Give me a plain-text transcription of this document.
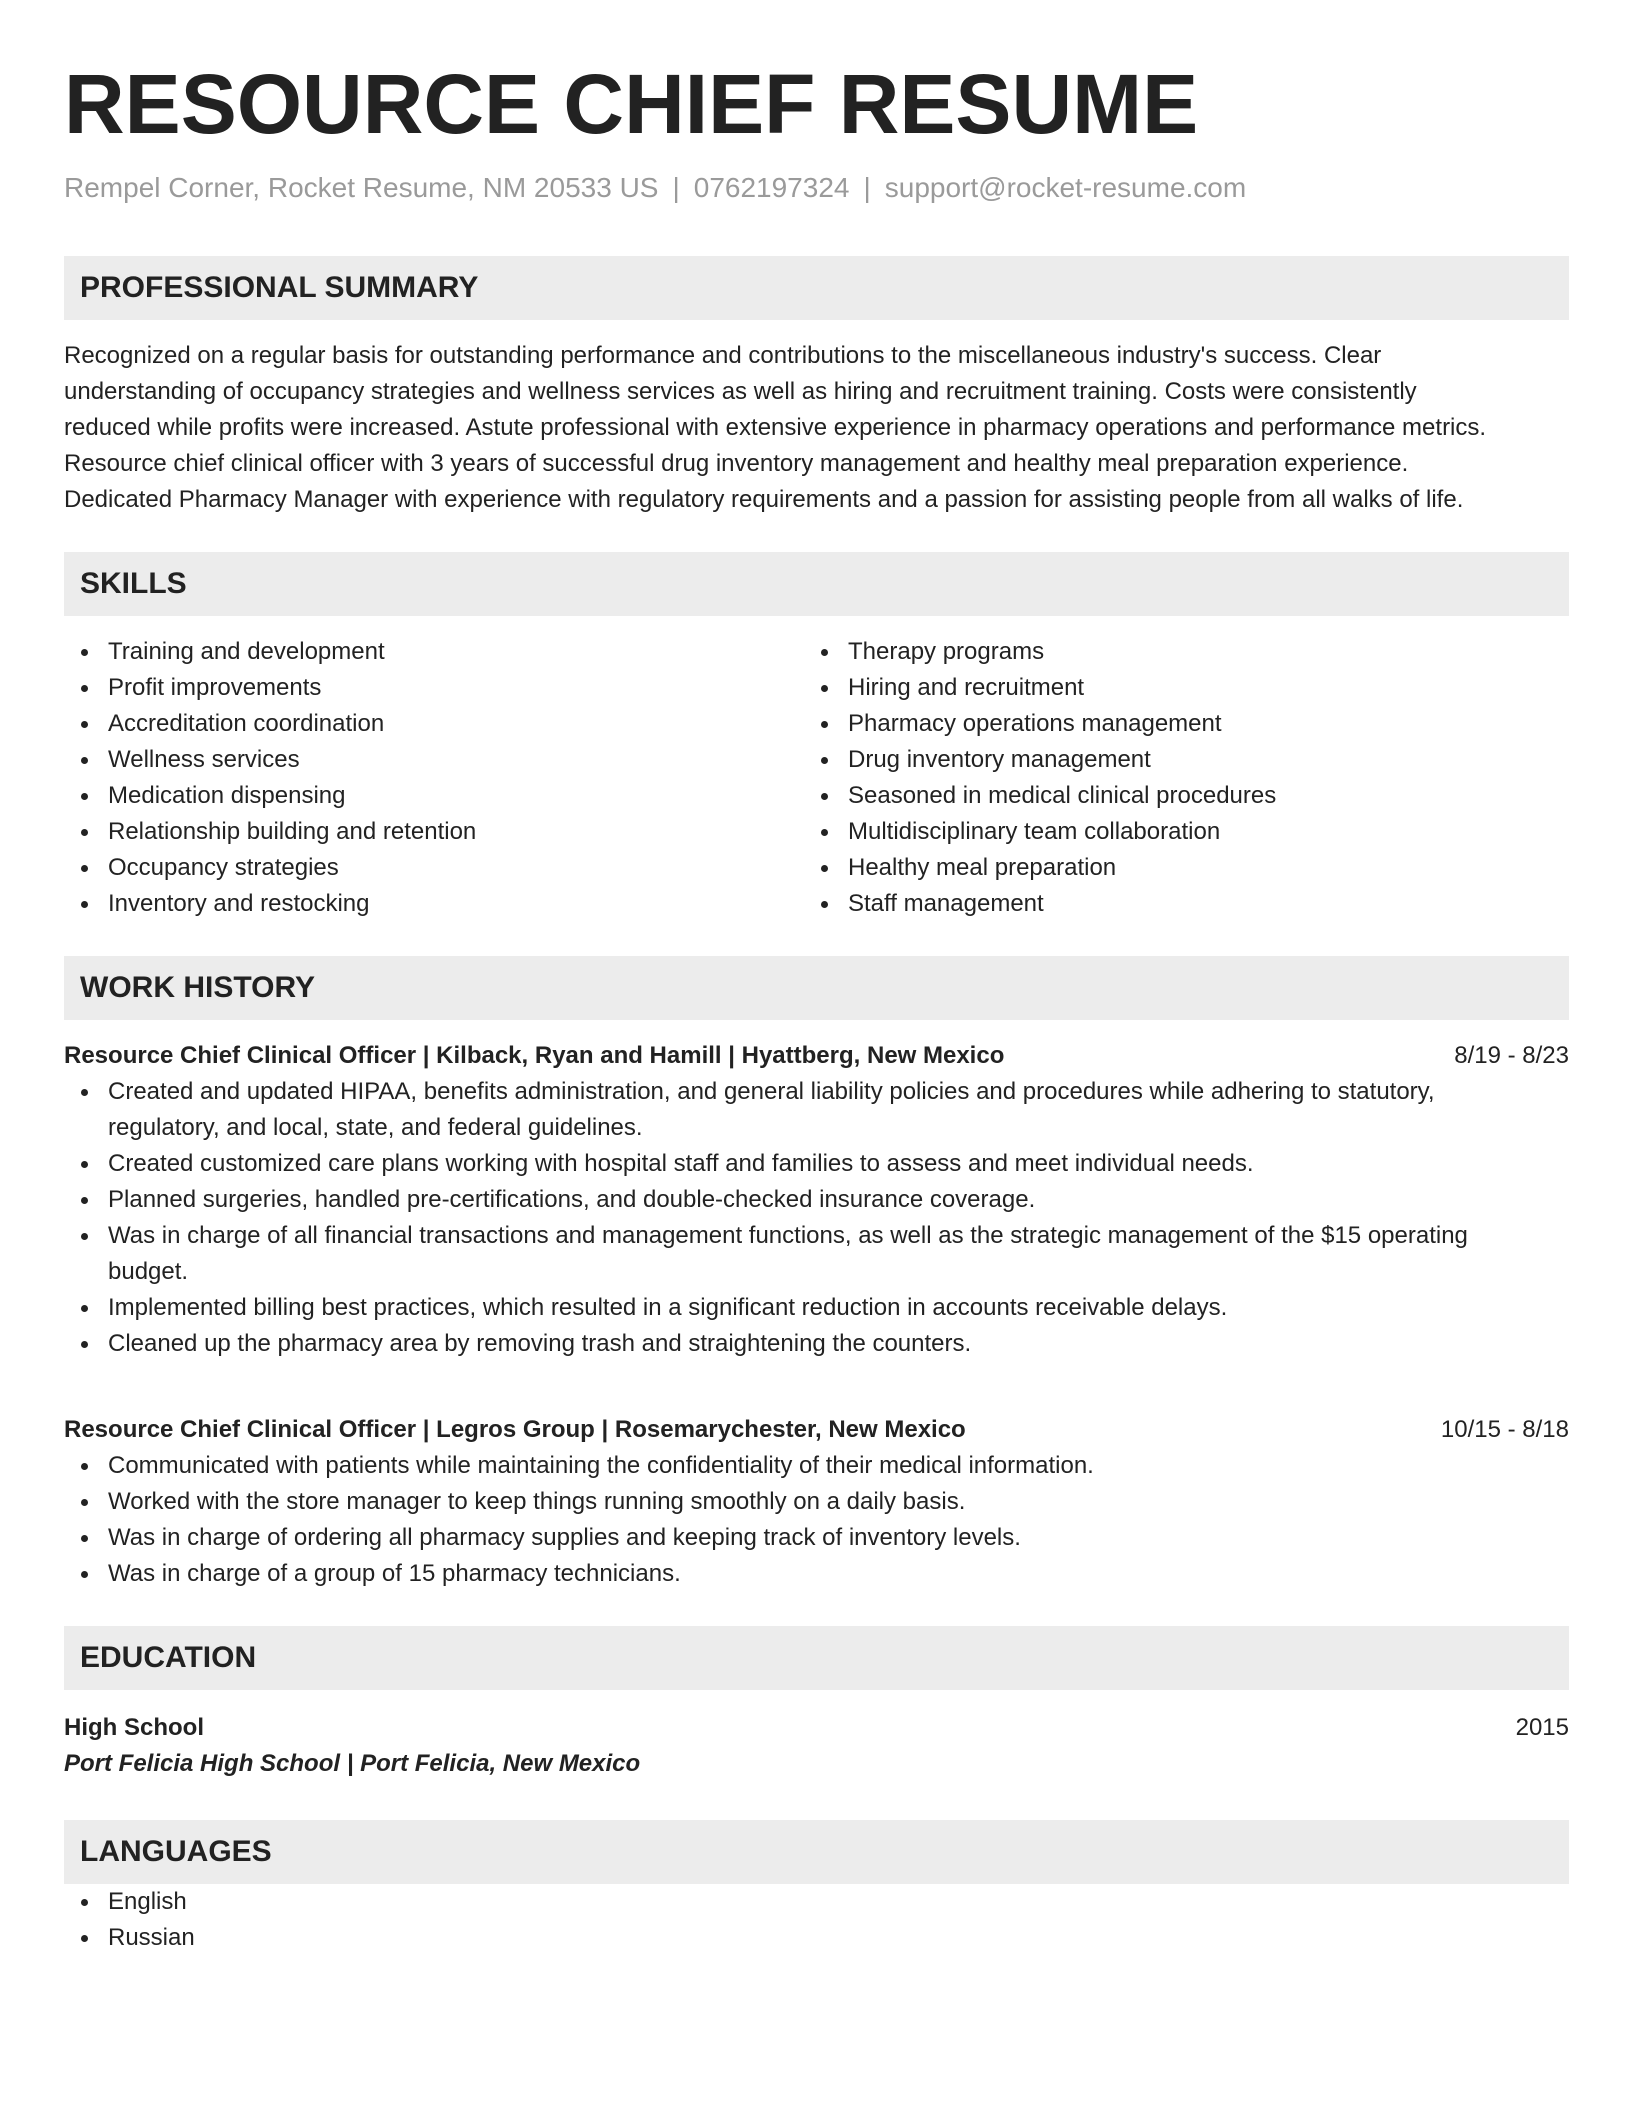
RESOURCE CHIEF RESUME
Rempel Corner, Rocket Resume, NM 20533 US | 0762197324 | support@rocket-resume.com
PROFESSIONAL SUMMARY
Recognized on a regular basis for outstanding performance and contributions to the miscellaneous industry's success. Clear
understanding of occupancy strategies and wellness services as well as hiring and recruitment training. Costs were consistently
reduced while profits were increased. Astute professional with extensive experience in pharmacy operations and performance metrics.
Resource chief clinical officer with 3 years of successful drug inventory management and healthy meal preparation experience.
Dedicated Pharmacy Manager with experience with regulatory requirements and a passion for assisting people from all walks of life.
SKILLS
Training and development
Profit improvements
Accreditation coordination
Wellness services
Medication dispensing
Relationship building and retention
Occupancy strategies
Inventory and restocking
Therapy programs
Hiring and recruitment
Pharmacy operations management
Drug inventory management
Seasoned in medical clinical procedures
Multidisciplinary team collaboration
Healthy meal preparation
Staff management
WORK HISTORY
Resource Chief Clinical Officer | Kilback, Ryan and Hamill | Hyattberg, New Mexico	8/19 - 8/23
Created and updated HIPAA, benefits administration, and general liability policies and procedures while adhering to statutory,
regulatory, and local, state, and federal guidelines.
Created customized care plans working with hospital staff and families to assess and meet individual needs.
Planned surgeries, handled pre-certifications, and double-checked insurance coverage.
Was in charge of all financial transactions and management functions, as well as the strategic management of the $15 operating
budget.
Implemented billing best practices, which resulted in a significant reduction in accounts receivable delays.
Cleaned up the pharmacy area by removing trash and straightening the counters.
Resource Chief Clinical Officer | Legros Group | Rosemarychester, New Mexico	10/15 - 8/18
Communicated with patients while maintaining the confidentiality of their medical information.
Worked with the store manager to keep things running smoothly on a daily basis.
Was in charge of ordering all pharmacy supplies and keeping track of inventory levels.
Was in charge of a group of 15 pharmacy technicians.
EDUCATION
High School	2015
Port Felicia High School | Port Felicia, New Mexico
LANGUAGES
English
Russian
